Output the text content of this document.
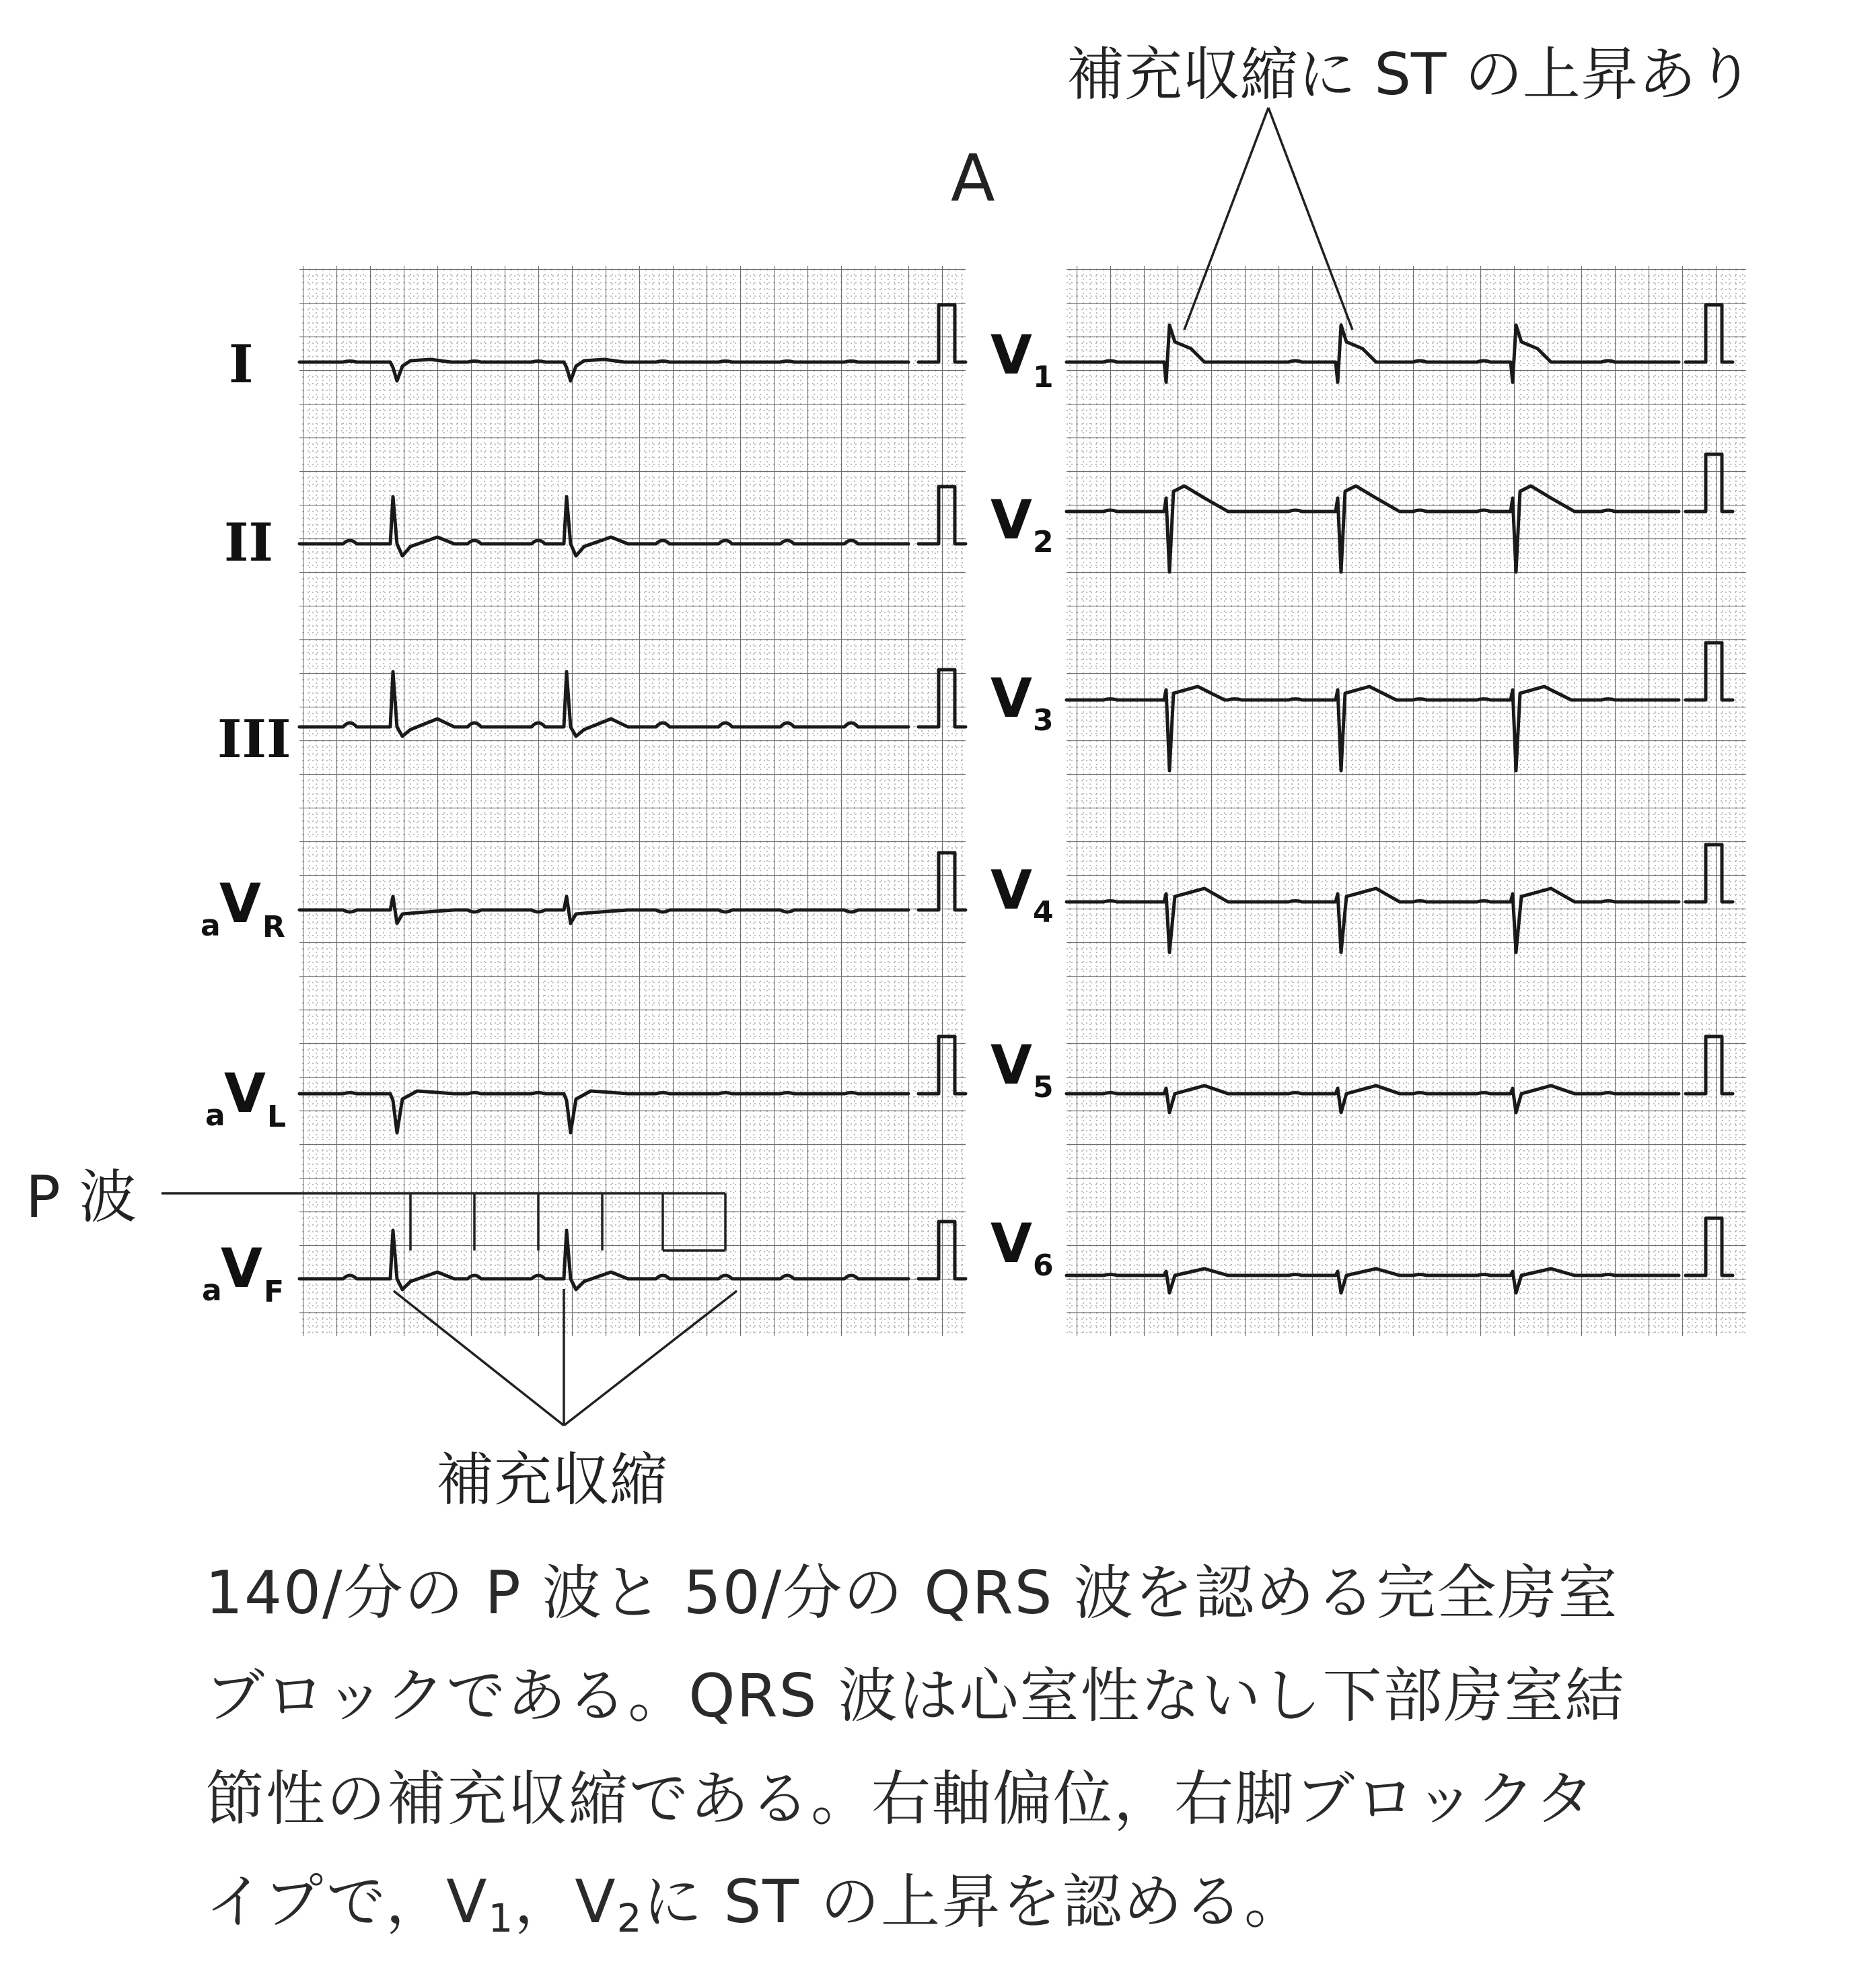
A
I
II
III
a
V R
a
V L
a
V F
V 1
V 2
V 3
V 4
V 5
V 6
補充収縮に ST の上昇あり
P 波
補充収縮

140/分の P 波と 50/分の QRS 波を認める完全房室

ブロックである。QRS 波は心室性ないし下部房室結

節性の補充収縮である。右軸偏位，右脚ブロックタ

イプで，$V_1$，$V_2$に ST の上昇を認める。
